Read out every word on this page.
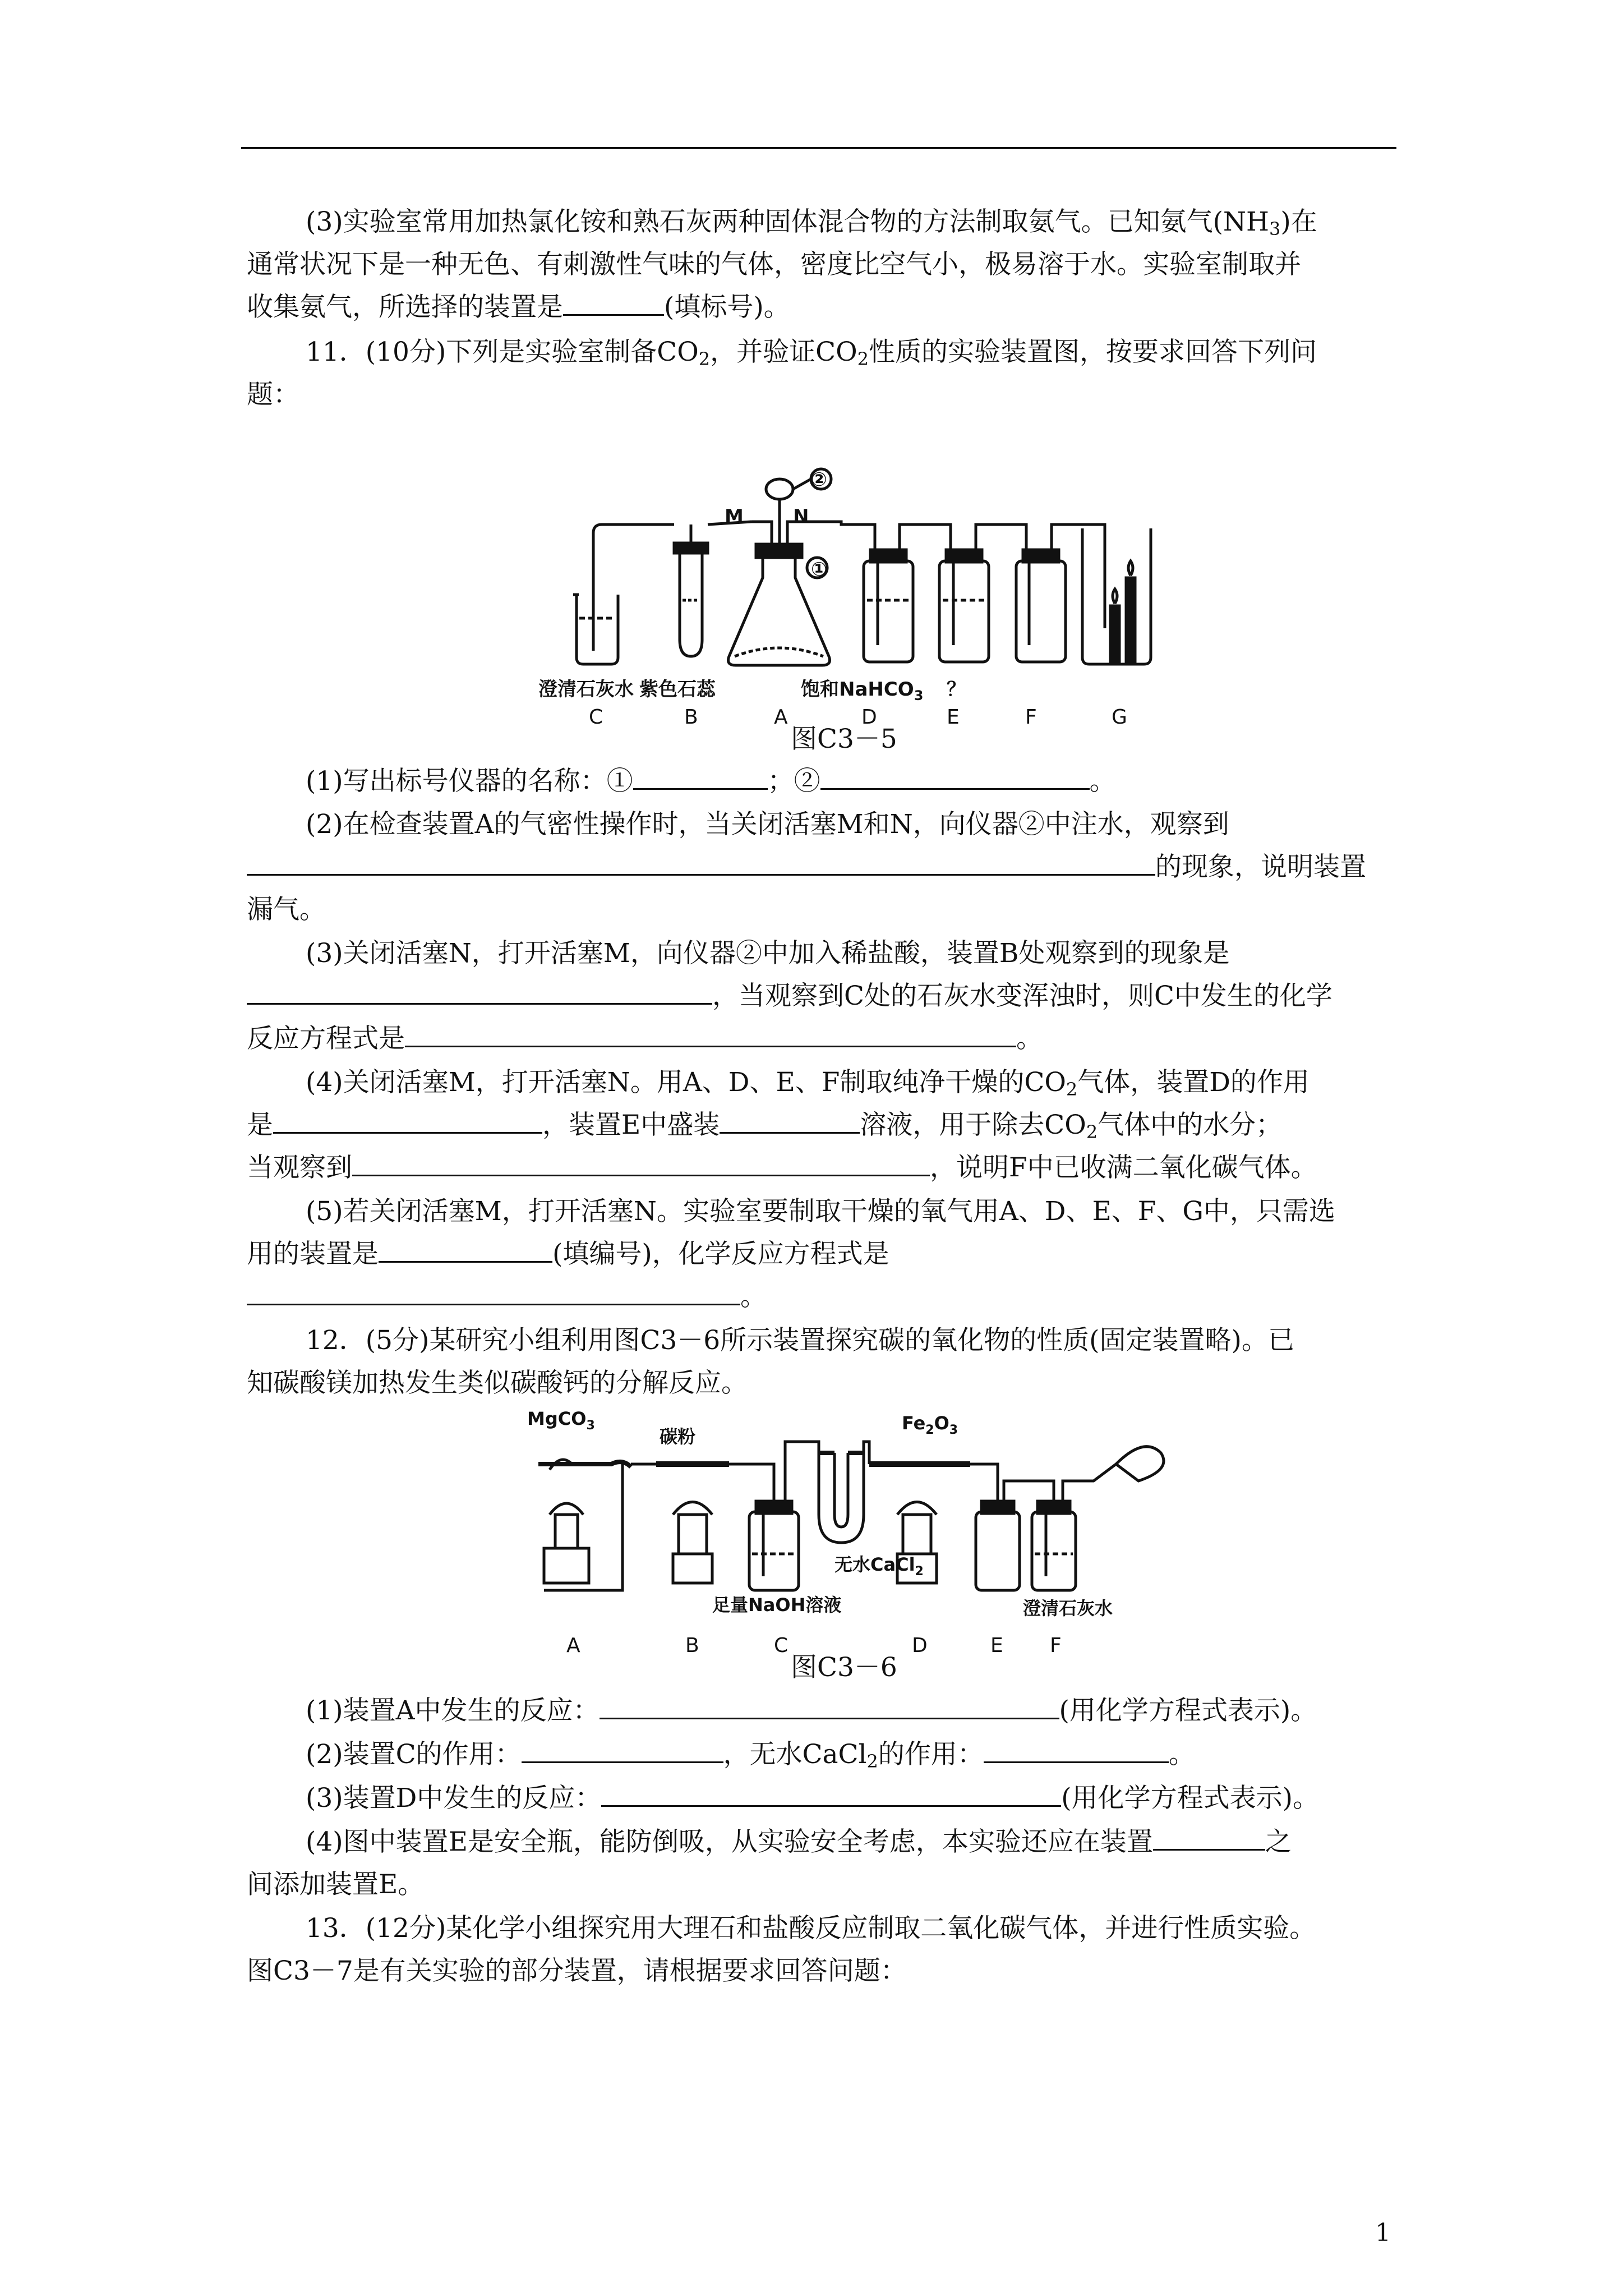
(3)实验室常用加热氯化铵和熟石灰两种固体混合物的方法制取氨气。已知氨气$(NH_3)$在
通常状况下是一种无色、有刺激性气味的气体，密度比空气小，极易溶于水。实验室制取并
收集氨气，所选择的装置是	(填标号)。
11．(10分)下列是实验室制备$CO_2$，并验证$CO_2$性质的实验装置图，按要求回答下列问
题：
①
②
M	N
澄清石灰水 紫色石蕊	饱和NaHCO$_3$ ？
C	B	A	D	E	F	G
图C3－5
(1)写出标号仪器的名称：①	；②	。
(2)在检查装置A的气密性操作时，当关闭活塞M和N，向仪器②中注水，观察到
的现象，说明装置
漏气。
(3)关闭活塞N，打开活塞M，向仪器②中加入稀盐酸，装置B处观察到的现象是
，当观察到C处的石灰水变浑浊时，则C中发生的化学
反应方程式是	。
(4)关闭活塞M，打开活塞N。用A、D、E、F制取纯净干燥的$CO_2$气体，装置D的作用
是	，装置E中盛装	溶液，用于除去$CO_2$气体中的水分；
当观察到	，说明F中已收满二氧化碳气体。
(5)若关闭活塞M，打开活塞N。实验室要制取干燥的氧气用A、D、E、F、G中，只需选
用的装置是	(填编号)，化学反应方程式是
。
12．(5分)某研究小组利用图C3－6所示装置探究碳的氧化物的性质(固定装置略)。已
知碳酸镁加热发生类似碳酸钙的分解反应。
MgCO$_3$
碳粉
$Fe_2O_3$
无水CaCl$_2$
足量NaOH溶液	澄清石灰水
A	B	C	D	E F
图C3－6
(1)装置A中发生的反应：	(用化学方程式表示)。
(2)装置C的作用：	，无水CaCl$_2$的作用：	。
(3)装置D中发生的反应：	(用化学方程式表示)。
(4)图中装置E是安全瓶，能防倒吸，从实验安全考虑，本实验还应在装置	之
间添加装置E。
13．(12分)某化学小组探究用大理石和盐酸反应制取二氧化碳气体，并进行性质实验。
图C3－7是有关实验的部分装置，请根据要求回答问题：
1
